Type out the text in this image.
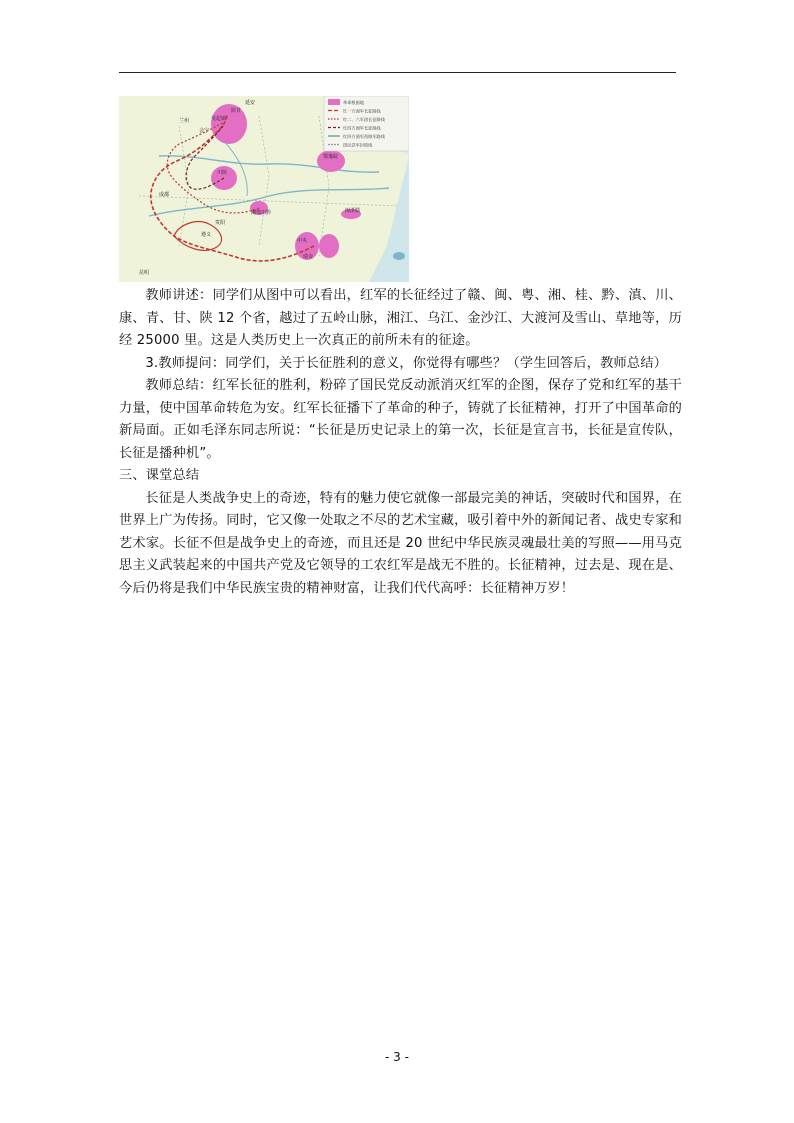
革命根据地
红一方面军长征路线
红二、六军团长征路线
红四方面军长征路线
红四方面军西路军路线
国民党军封锁线
吴起镇
陕甘
川陕
湘鄂川黔
鄂豫皖
中央
瑞金
闽浙赣
遵义
成都
昆明
会宁
延安
贵阳
兰州

教师讲述：同学们从图中可以看出，红军的长征经过了赣、闽、粤、湘、桂、黔、滇、川、康、青、甘、陕 12 个省，越过了五岭山脉，湘江、乌江、金沙江、大渡河及雪山、草地等，历经 25000 里。这是人类历史上一次真正的前所未有的征途。

3.教师提问：同学们，关于长征胜利的意义，你觉得有哪些？（学生回答后，教师总结）

教师总结：红军长征的胜利，粉碎了国民党反动派消灭红军的企图，保存了党和红军的基干力量，使中国革命转危为安。红军长征播下了革命的种子，铸就了长征精神，打开了中国革命的新局面。正如毛泽东同志所说：“长征是历史记录上的第一次，长征是宣言书，长征是宣传队，长征是播种机”。

三、课堂总结

长征是人类战争史上的奇迹，特有的魅力使它就像一部最完美的神话，突破时代和国界，在世界上广为传扬。同时，它又像一处取之不尽的艺术宝藏，吸引着中外的新闻记者、战史专家和艺术家。长征不但是战争史上的奇迹，而且还是 20 世纪中华民族灵魂最壮美的写照——用马克思主义武装起来的中国共产党及它领导的工农红军是战无不胜的。长征精神，过去是、现在是、今后仍将是我们中华民族宝贵的精神财富，让我们代代高呼：长征精神万岁！

- 3 -
